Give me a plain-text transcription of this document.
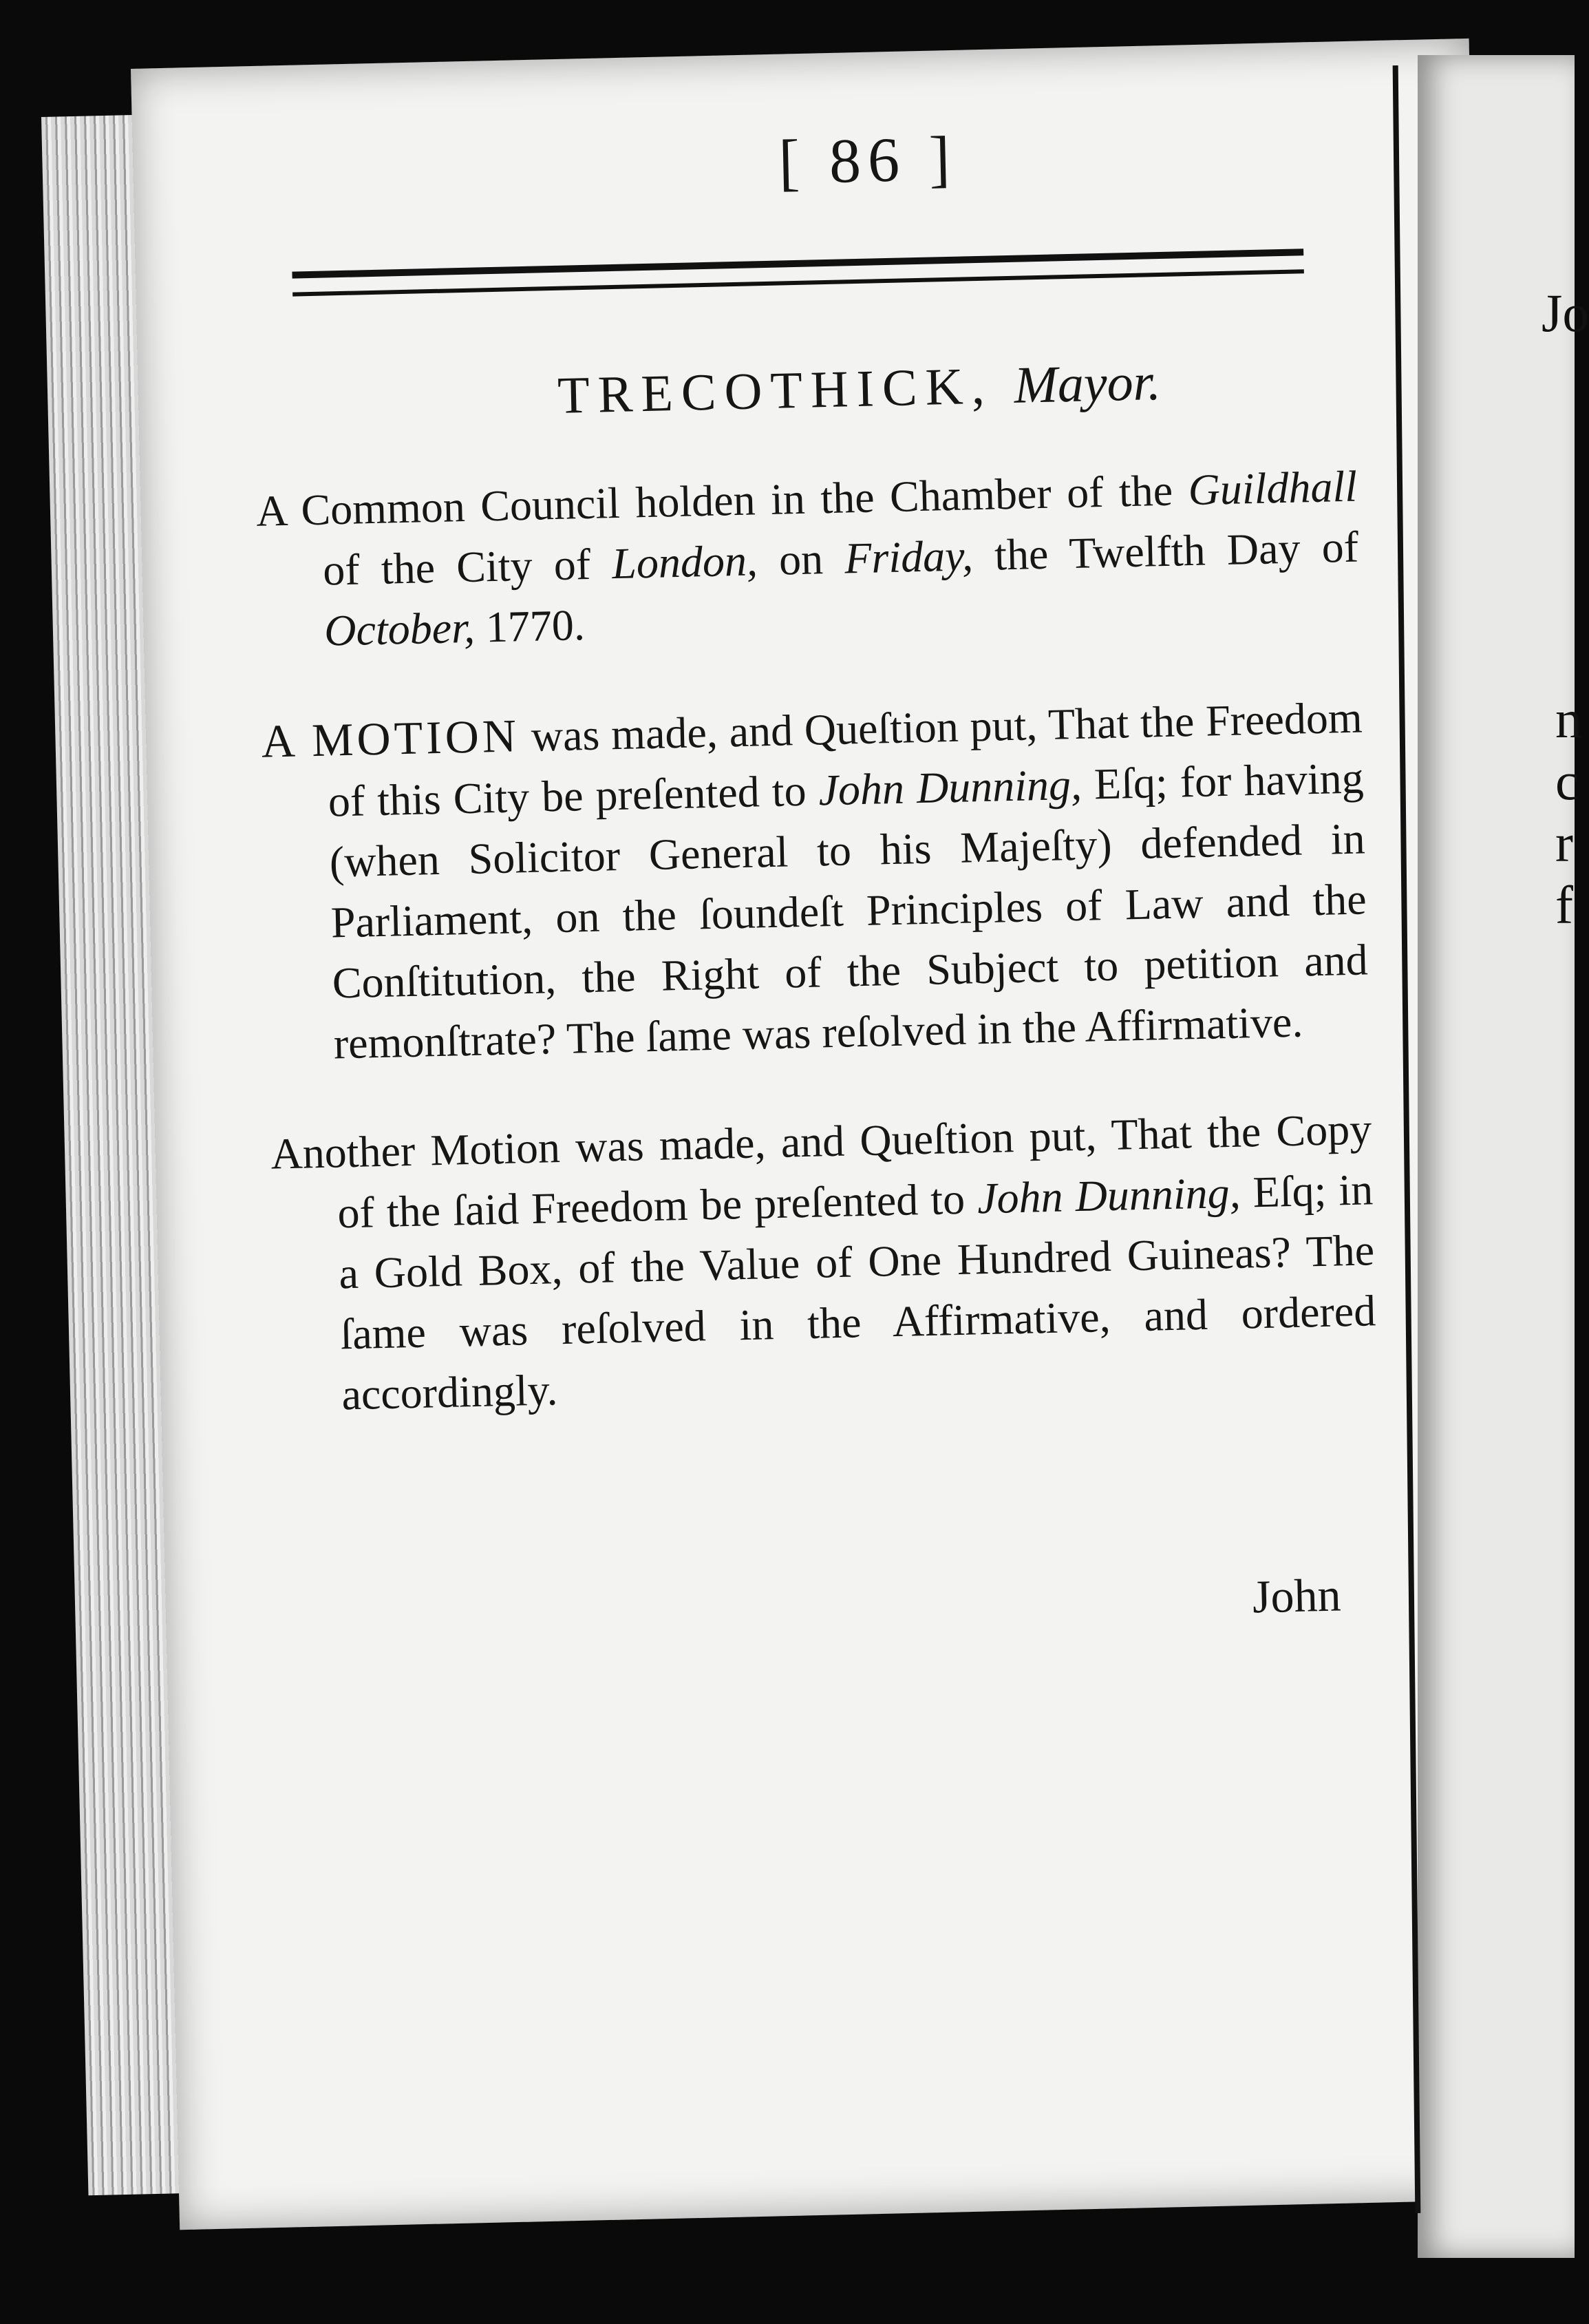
Jo
n
c
r
f
[ 86 ]
TRECOTHICK, Mayor.

A Common Council holden in the Chamber of the Guildhall of the City of London, on Friday, the Twelfth Day of October, 1770.

A MOTION was made, and Queſtion put, That the Freedom of this City be preſented to John Dunning, Eſq; for having (when Solicitor General to his Majeſty) defended in Parliament, on the ſoundeſt Principles of Law and the Conſtitution, the Right of the Subject to petition and remonſtrate? The ſame was reſolved in the Affirmative.

Another Motion was made, and Queſtion put, That the Copy of the ſaid Freedom be preſented to John Dunning, Eſq; in a Gold Box, of the Value of One Hundred Guineas? The ſame was reſolved in the Affirmative, and ordered accordingly.

John
